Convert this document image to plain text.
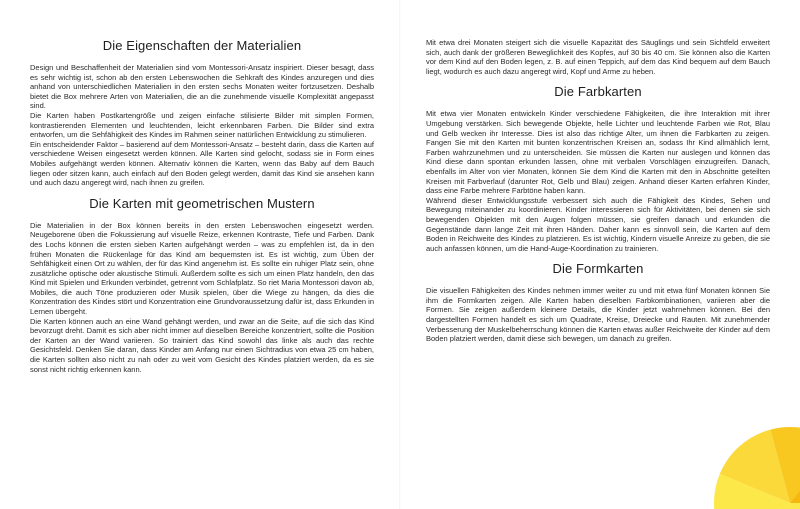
Die Eigenschaften der Materialien

Design und Beschaffenheit der Materialien sind vom Montessori-Ansatz inspiriert. Dieser besagt, dass es sehr wichtig ist, schon ab den ersten Lebenswochen die Sehkraft des Kindes anzuregen und dies anhand von unterschiedlichen Materialien in den ersten sechs Monaten weiter fortzusetzen. Deshalb bietet die Box mehrere Arten von Materialien, die an die zunehmende visuelle Komplexität angepasst sind.

Die Karten haben Postkartengröße und zeigen einfache stilisierte Bilder mit simplen Formen, kontrastierenden Elementen und leuchtenden, leicht erkennbaren Farben. Die Bilder sind extra entworfen, um die Sehfähigkeit des Kindes im Rahmen seiner natürlichen Entwicklung zu stimulieren.

Ein entscheidender Faktor – basierend auf dem Montessori-Ansatz – besteht darin, dass die Karten auf verschiedene Weisen eingesetzt werden können. Alle Karten sind gelocht, sodass sie in Form eines Mobiles aufgehängt werden können. Alternativ können die Karten, wenn das Baby auf dem Bauch liegen oder sitzen kann, auch einfach auf den Boden gelegt werden, damit das Kind sie ansehen kann und auch dazu angeregt wird, nach ihnen zu greifen.

Die Karten mit geometrischen Mustern

Die Materialien in der Box können bereits in den ersten Lebenswochen eingesetzt werden. Neugeborene üben die Fokussierung auf visuelle Reize, erkennen Kontraste, Tiefe und Farben. Dank des Lochs können die ersten sieben Karten aufgehängt werden – was zu empfehlen ist, da in den frühen Monaten die Rückenlage für das Kind am bequemsten ist. Es ist wichtig, zum Üben der Sehfähigkeit einen Ort zu wählen, der für das Kind angenehm ist. Es sollte ein ruhiger Platz sein, ohne zusätzliche optische oder akustische Stimuli. Außerdem sollte es sich um einen Platz handeln, den das Kind mit Spielen und Erkunden verbindet, getrennt vom Schlafplatz. So riet Maria Montessori davon ab, Mobiles, die auch Töne produzieren oder Musik spielen, über die Wiege zu hängen, da dies die Konzentration des Kindes stört und Konzentration eine Grundvoraussetzung dafür ist, dass Erkunden in Lernen übergeht.

Die Karten können auch an eine Wand gehängt werden, und zwar an die Seite, auf die sich das Kind bevorzugt dreht. Damit es sich aber nicht immer auf dieselben Bereiche konzentriert, sollte die Position der Karten an der Wand variieren. So trainiert das Kind sowohl das linke als auch das rechte Gesichtsfeld. Denken Sie daran, dass Kinder am Anfang nur einen Sichtradius von etwa 25 cm haben, die Karten sollten also nicht zu nah oder zu weit vom Gesicht des Kindes platziert werden, da es sie sonst nicht richtig erkennen kann.

Mit etwa drei Monaten steigert sich die visuelle Kapazität des Säuglings und sein Sichtfeld erweitert sich, auch dank der größeren Beweglichkeit des Kopfes, auf 30 bis 40 cm. Sie können also die Karten vor dem Kind auf den Boden legen, z. B. auf einen Teppich, auf dem das Kind bequem auf dem Bauch liegt, wodurch es auch dazu angeregt wird, Kopf und Arme zu heben.

Die Farbkarten

Mit etwa vier Monaten entwickeln Kinder verschiedene Fähigkeiten, die ihre Interaktion mit ihrer Umgebung verstärken. Sich bewegende Objekte, helle Lichter und leuchtende Farben wie Rot, Blau und Gelb wecken ihr Interesse. Dies ist also das richtige Alter, um ihnen die Farbkarten zu zeigen. Fangen Sie mit den Karten mit bunten konzentrischen Kreisen an, sodass Ihr Kind allmählich lernt, Farben wahrzunehmen und zu unterscheiden. Sie müssen die Karten nur auslegen und können das Kind diese dann spontan erkunden lassen, ohne mit verbalen Vorschlägen einzugreifen. Danach, ebenfalls im Alter von vier Monaten, können Sie dem Kind die Karten mit den in Abschnitte geteilten Kreisen mit Farbverlauf (darunter Rot, Gelb und Blau) zeigen. Anhand dieser Karten erfahren Kinder, dass eine Farbe mehrere Farbtöne haben kann.

Während dieser Entwicklungsstufe verbessert sich auch die Fähigkeit des Kindes, Sehen und Bewegung miteinander zu koordinieren. Kinder interessieren sich für Aktivitäten, bei denen sie sich bewegenden Objekten mit den Augen folgen müssen, sie greifen danach und erkunden die Gegenstände dann lange Zeit mit ihren Händen. Daher kann es sinnvoll sein, die Karten auf dem Boden in Reichweite des Kindes zu platzieren. Es ist wichtig, Kindern visuelle Anreize zu geben, die sie auch anfassen können, um die Hand-Auge-Koordination zu trainieren.

Die Formkarten

Die visuellen Fähigkeiten des Kindes nehmen immer weiter zu und mit etwa fünf Monaten können Sie ihm die Formkarten zeigen. Alle Karten haben dieselben Farbkombinationen, variieren aber die Formen. Sie zeigen außerdem kleinere Details, die Kinder jetzt wahrnehmen können. Bei den dargestellten Formen handelt es sich um Quadrate, Kreise, Dreiecke und Rauten. Mit zunehmender Verbesserung der Muskelbeherrschung können die Karten etwas außer Reichweite der Kinder auf dem Boden platziert werden, damit diese sich bewegen, um danach zu greifen.
